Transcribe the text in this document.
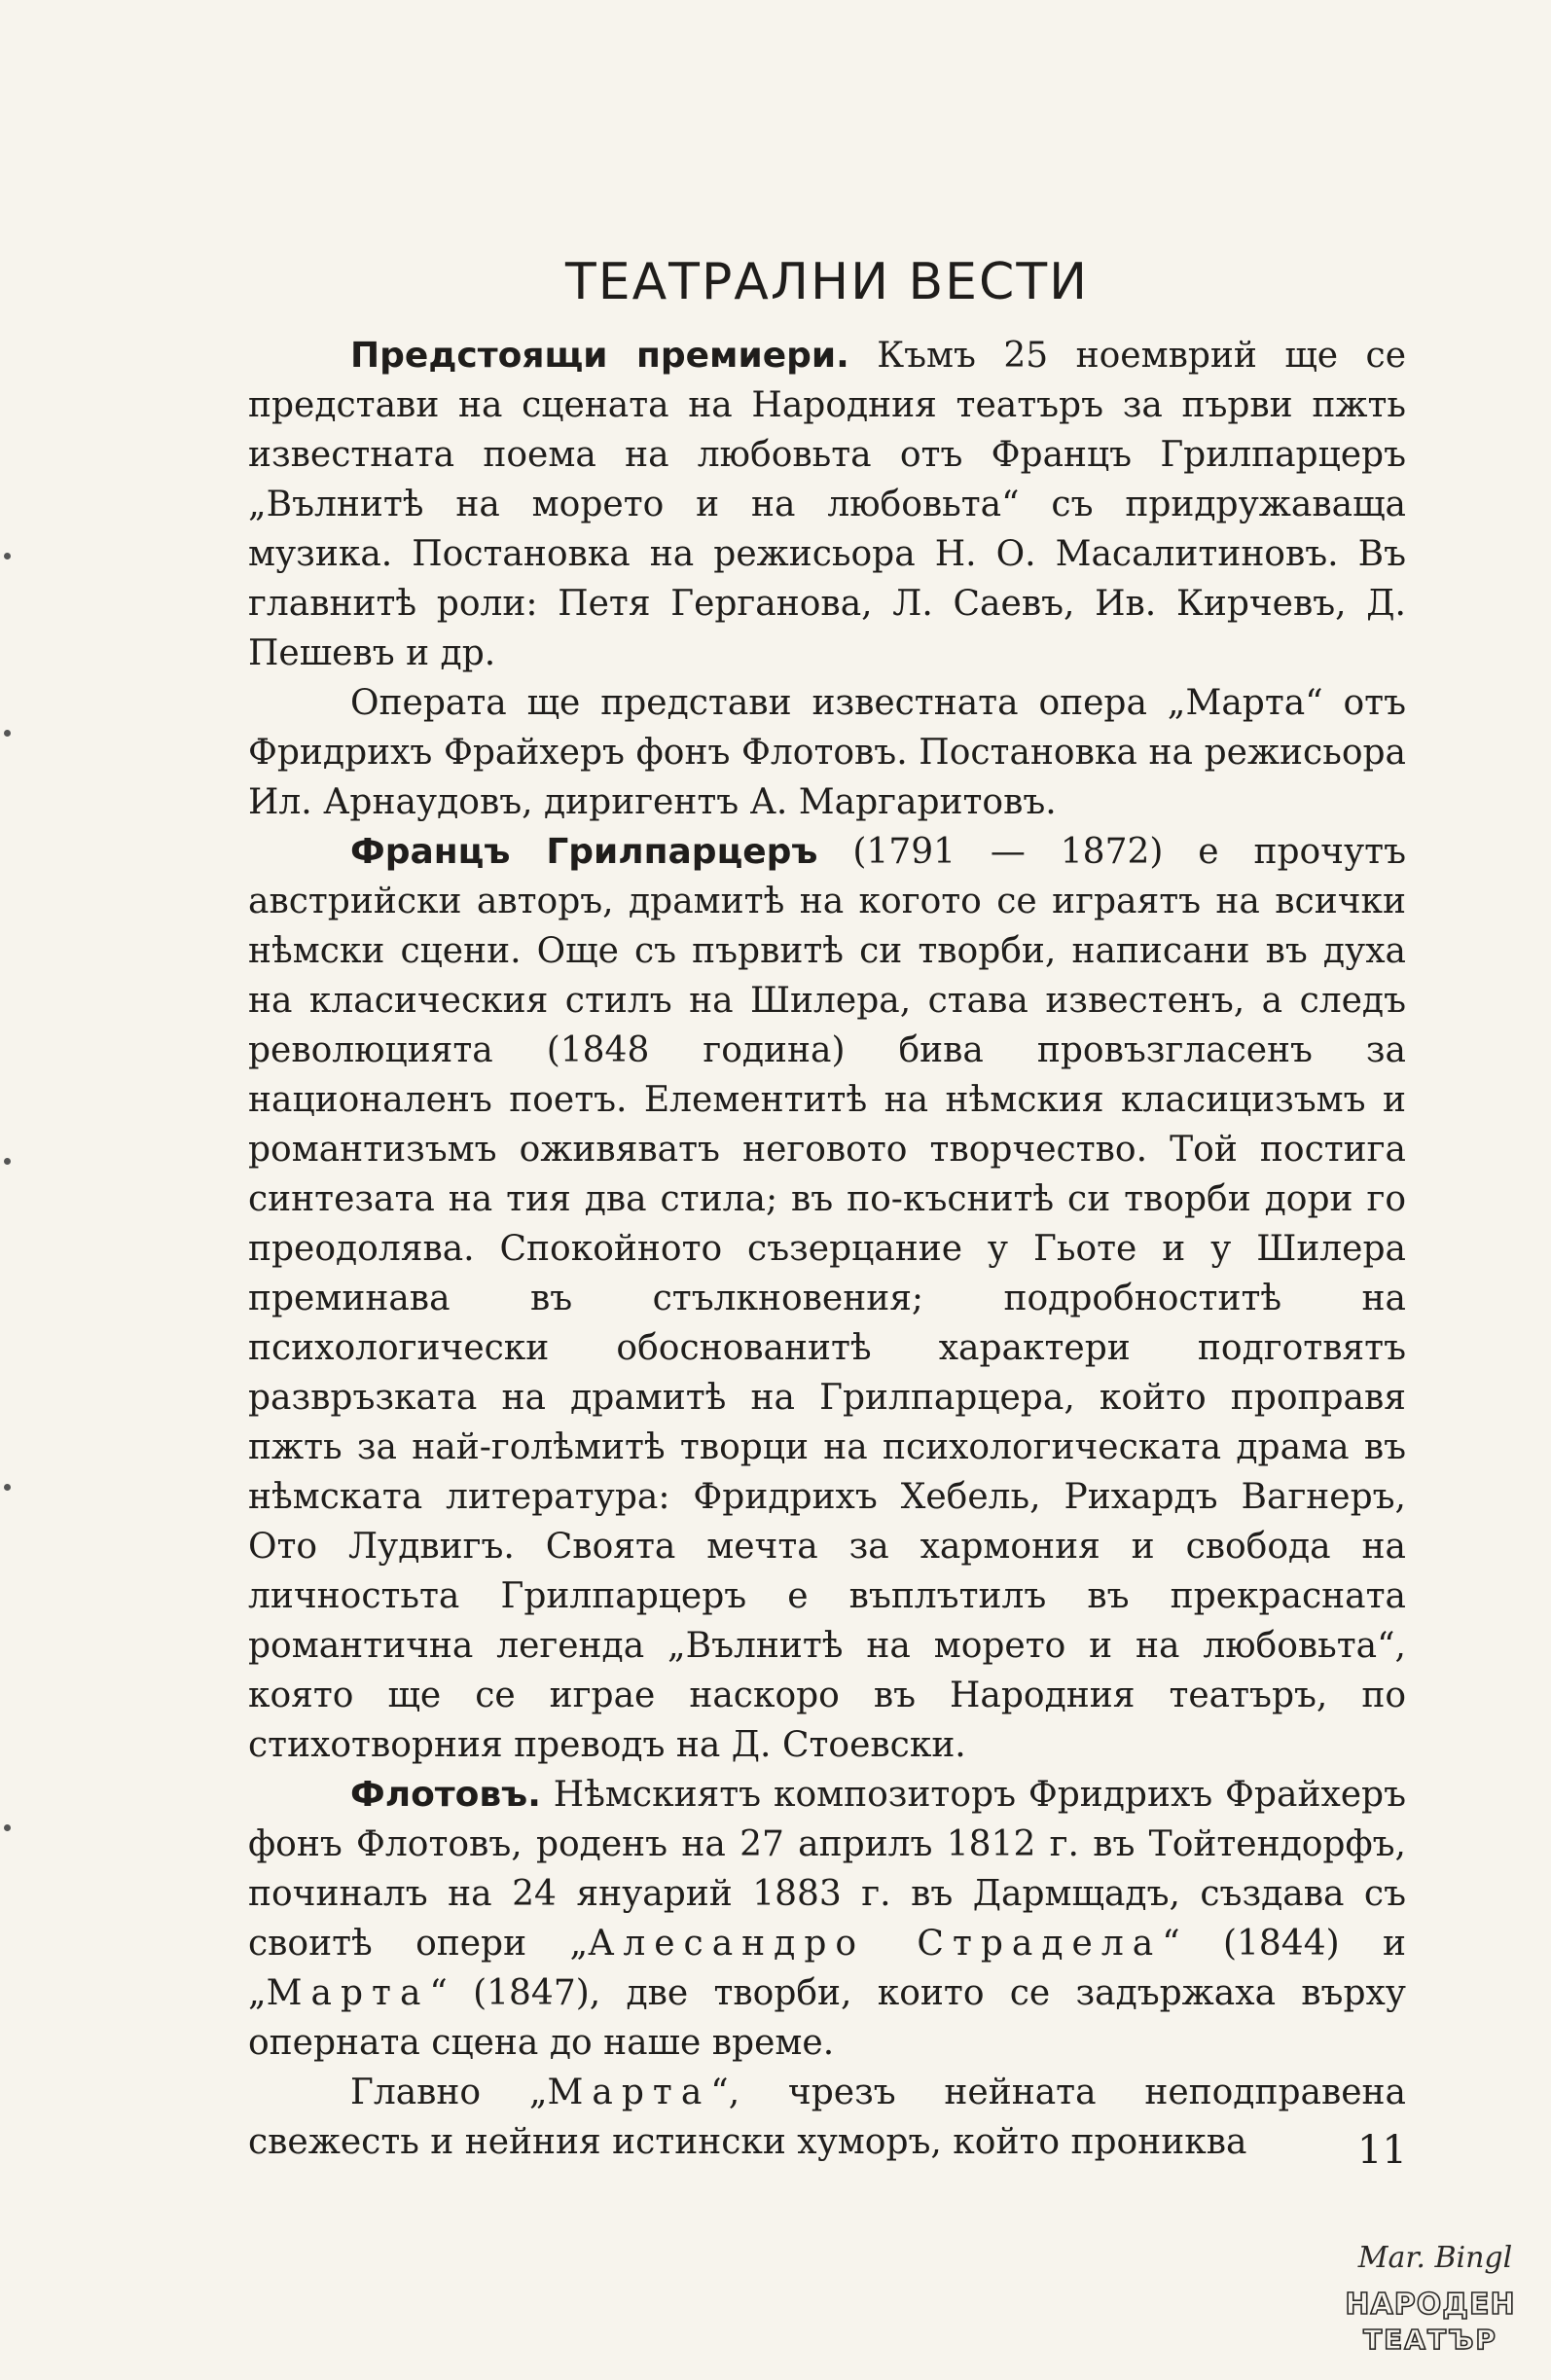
ТЕАТРАЛНИ ВЕСТИ

Предстоящи премиери. Къмъ 25 ноемврий ще се представи на сцената на Народния театъръ за първи пжть известната поема на любовьта отъ Францъ Грилпарцеръ „Вълнитѣ на морето и на любовьта“ съ придружаваща музика. Постановка на режисьора Н. О. Масалитиновъ. Въ главнитѣ роли: Петя Герганова, Л. Саевъ, Ив. Кирчевъ, Д. Пешевъ и др.

Операта ще представи известната опера „Марта“ отъ Фридрихъ Фрайхеръ фонъ Флотовъ. Постановка на режисьора Ил. Арнаудовъ, диригентъ А. Маргаритовъ.

Францъ Грилпарцеръ (1791 — 1872) е прочутъ австрийски авторъ, драмитѣ на когото се играятъ на всички нѣмски сцени. Още съ първитѣ си творби, написани въ духа на класическия стилъ на Шилера, става известенъ, а следъ революцията (1848 година) бива провъзгласенъ за националенъ поетъ. Елементитѣ на нѣмския класицизъмъ и романтизъмъ оживяватъ неговото творчество. Той постига синтезата на тия два стила; въ по-къснитѣ си творби дори го преодолява. Спокойното съзерцание у Гьоте и у Шилера преминава въ стълкновения; подробноститѣ на психологически обоснованитѣ характери подготвятъ развръзката на драмитѣ на Грилпарцера, който проправя пжть за най-голѣмитѣ творци на психологическата драма въ нѣмската литература: Фридрихъ Хебель, Рихардъ Вагнеръ, Ото Лудвигъ. Своята мечта за хармония и свобода на личностьта Грилпарцеръ е въплътилъ въ прекрасната романтична легенда „Вълнитѣ на морето и на любовьта“, която ще се играе наскоро въ Народния театъръ, по стихотворния преводъ на Д. Стоевски.

Флотовъ. Нѣмскиятъ композиторъ Фридрихъ Фрайхеръ фонъ Флотовъ, роденъ на 27 априлъ 1812 г. въ Тойтендорфъ, починалъ на 24 януарий 1883 г. въ Дармщадъ, създава съ своитѣ опери „Алесандро Страдела“ (1844) и „Марта“ (1847), две творби, които се задържаха върху оперната сцена до наше време.

Главно „Марта“, чрезъ нейната неподправена свежесть и нейния истински хуморъ, който прониква	11
Mar. Bingl
НАРОДЕН
ТЕАТЪР
